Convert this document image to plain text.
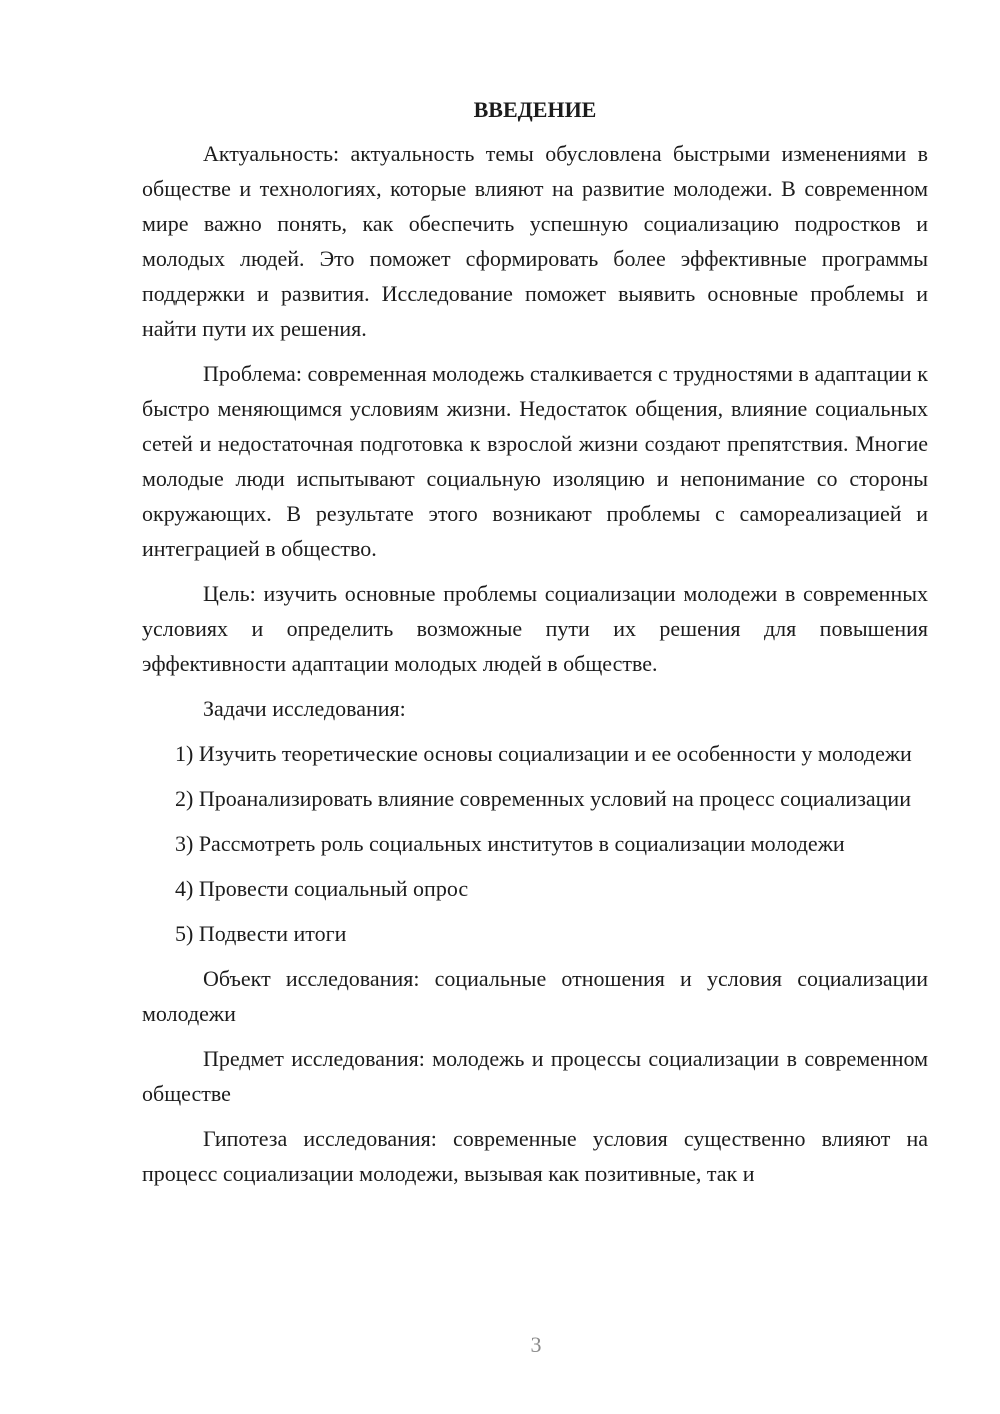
ВВЕДЕНИЕ

Актуальность: актуальность темы обусловлена быстрыми изменениями в обществе и технологиях, которые влияют на развитие молодежи. В современном мире важно понять, как обеспечить успешную социализацию подростков и молодых людей. Это поможет сформировать более эффективные программы поддержки и развития. Исследование поможет выявить основные проблемы и найти пути их решения.

Проблема: современная молодежь сталкивается с трудностями в адаптации к быстро меняющимся условиям жизни. Недостаток общения, влияние социальных сетей и недостаточная подготовка к взрослой жизни создают препятствия. Многие молодые люди испытывают социальную изоляцию и непонимание со стороны окружающих. В результате этого возникают проблемы с самореализацией и интеграцией в общество.

Цель: изучить основные проблемы социализации молодежи в современных условиях и определить возможные пути их решения для повышения эффективности адаптации молодых людей в обществе.

Задачи исследования:

1) Изучить теоретические основы социализации и ее особенности у молодежи

2) Проанализировать влияние современных условий на процесс социализации

3) Рассмотреть роль социальных институтов в социализации молодежи

4) Провести социальный опрос

5) Подвести итоги

Объект исследования: социальные отношения и условия социализации молодежи

Предмет исследования: молодежь и процессы социализации в современном обществе

Гипотеза исследования: современные условия существенно влияют на процесс социализации молодежи, вызывая как позитивные, так и

3
